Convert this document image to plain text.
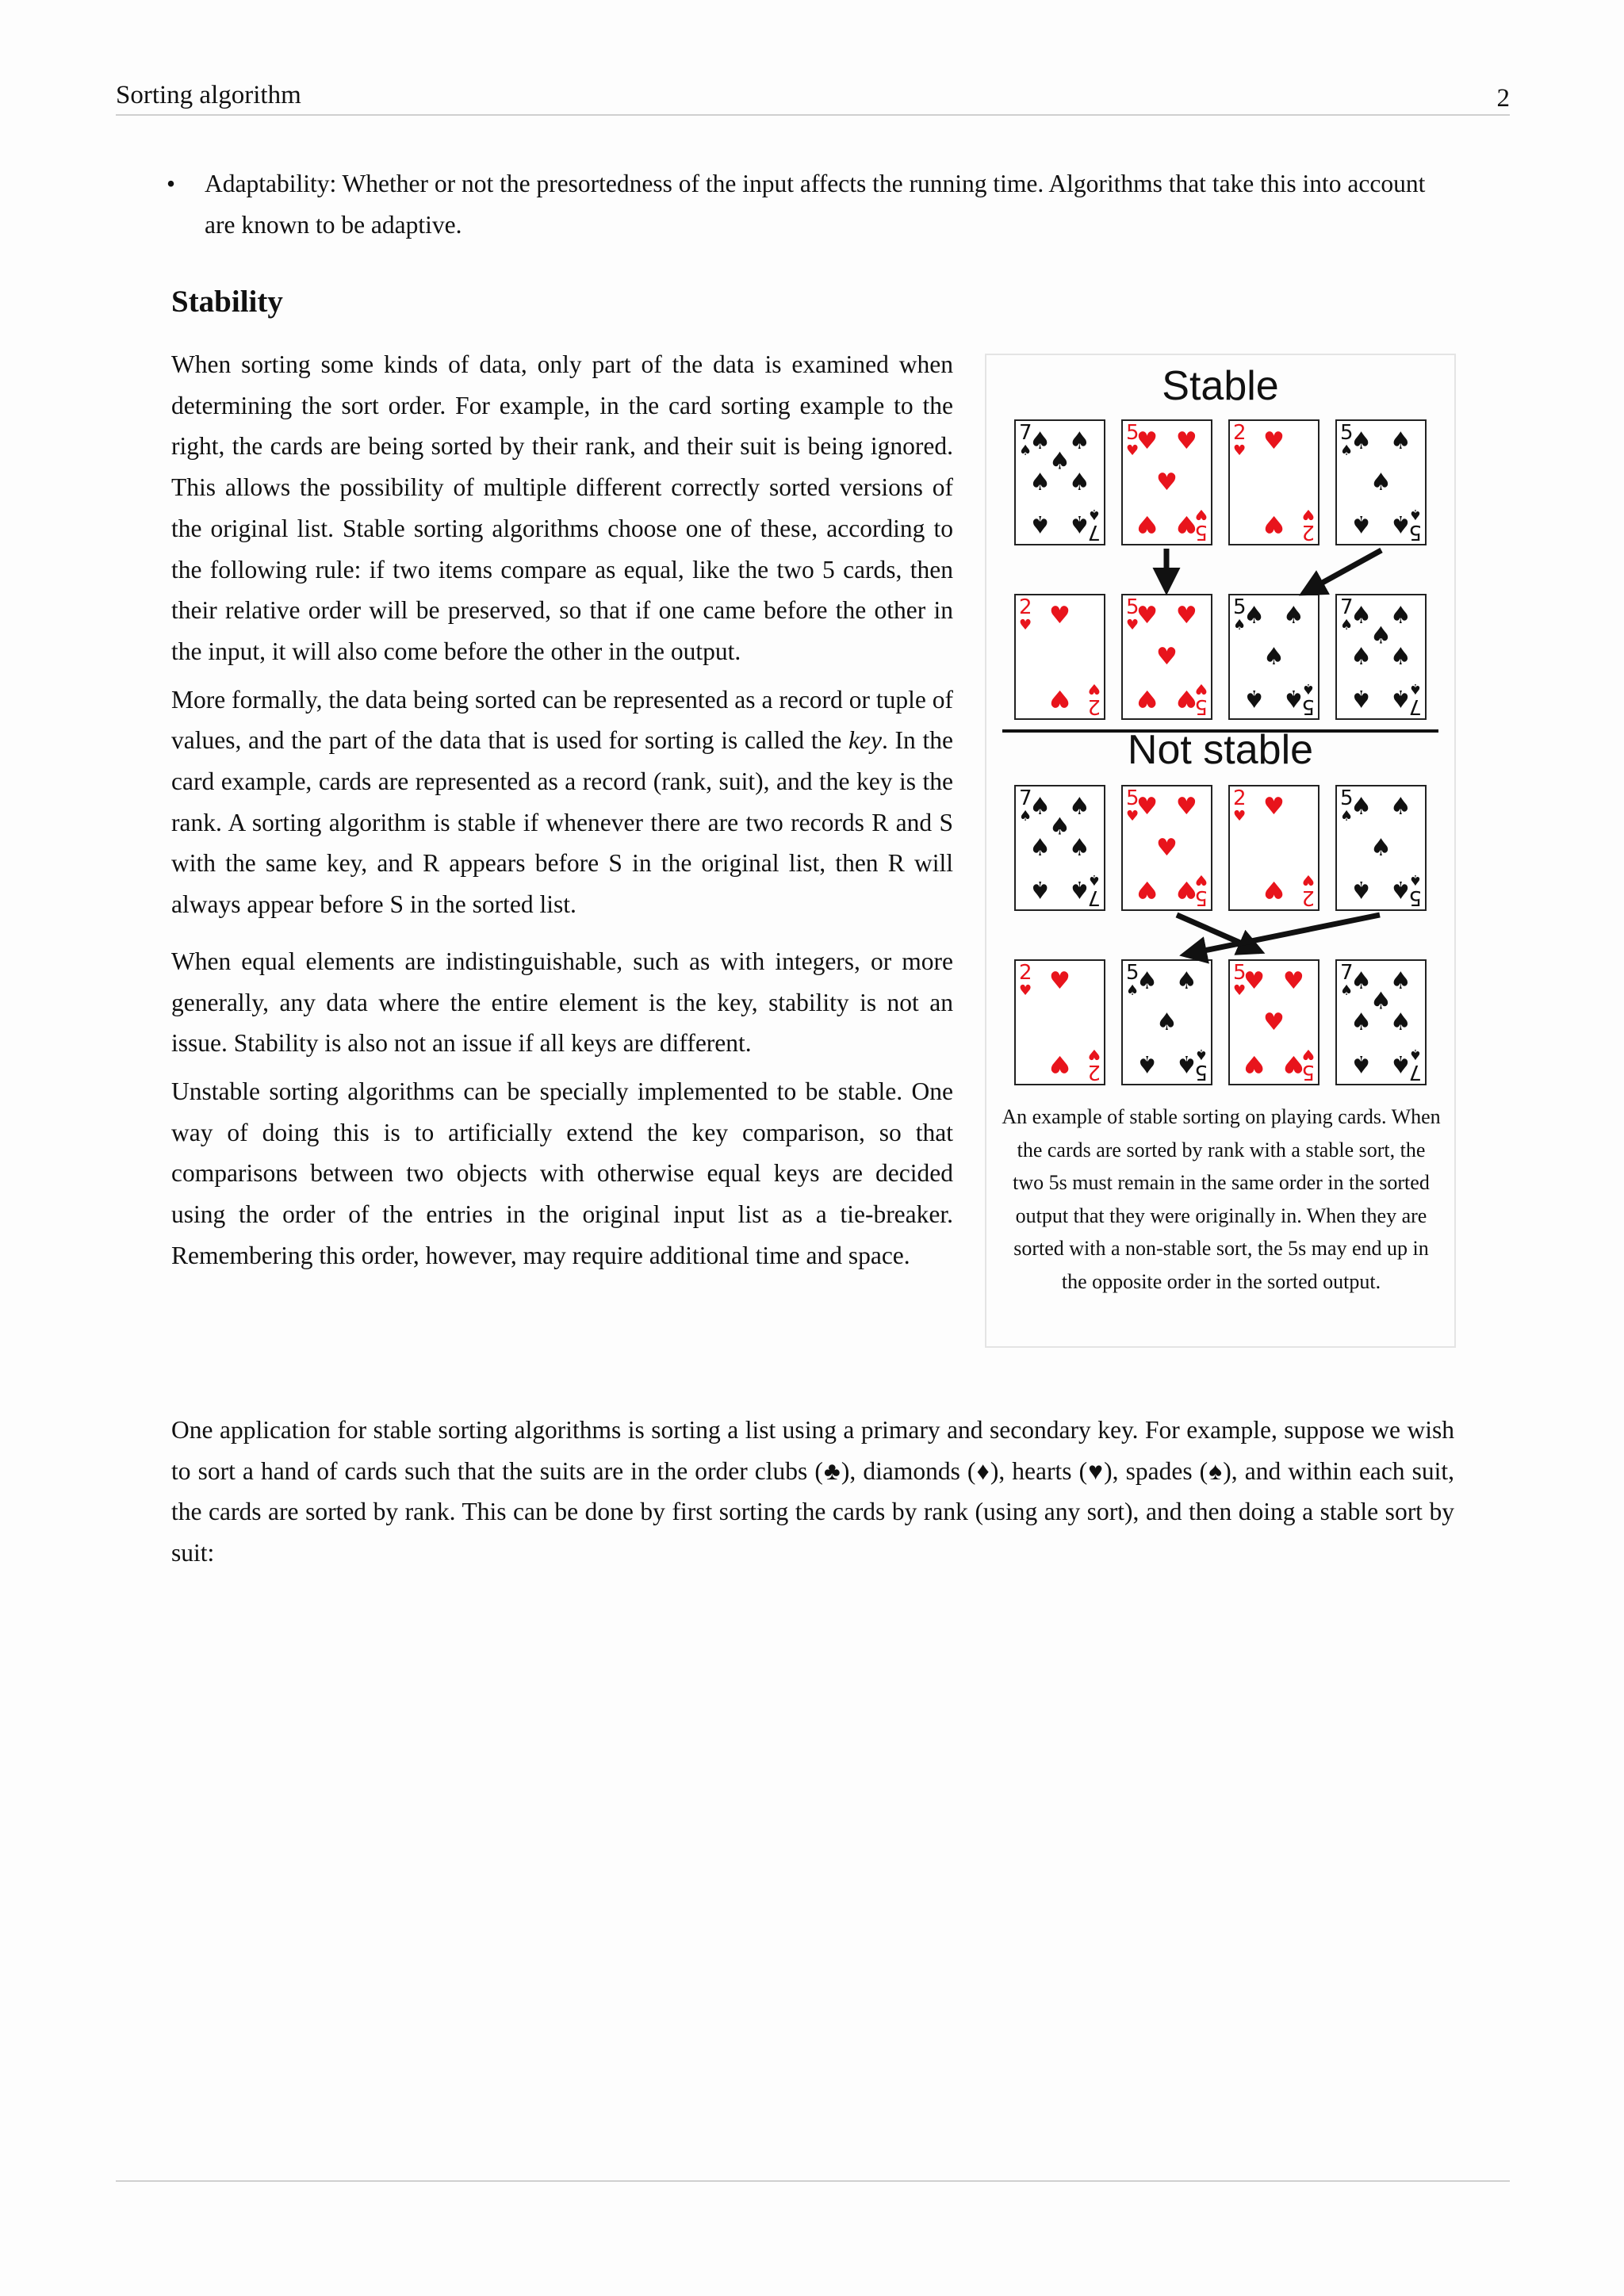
Sorting algorithm	2
• Adaptability: Whether or not the presortedness of the input affects the running time. Algorithms that take this into account are known to be adaptive.
Stability

When sorting some kinds of data, only part of the data is examined when determining the sort order. For example, in the card sorting example to the right, the cards are being sorted by their rank, and their suit is being ignored. This allows the possibility of multiple different correctly sorted versions of the original list. Stable sorting algorithms choose one of these, according to the following rule: if two items compare as equal, like the two 5 cards, then their relative order will be preserved, so that if one came before the other in the input, it will also come before the other in the output.

More formally, the data being sorted can be represented as a record or tuple of values, and the part of the data that is used for sorting is called the key. In the card example, cards are represented as a record (rank, suit), and the key is the rank. A sorting algorithm is stable if whenever there are two records R and S with the same key, and R appears before S in the original list, then R will always appear before S in the sorted list.

When equal elements are indistinguishable, such as with integers, or more generally, any data where the entire element is the key, stability is not an issue. Stability is also not an issue if all keys are different.

Unstable sorting algorithms can be specially implemented to be stable. One way of doing this is to artificially extend the key comparison, so that comparisons between two objects with otherwise equal keys are decided using the order of the entries in the original input list as a tie-breaker. Remembering this order, however, may require additional time and space.

One application for stable sorting algorithms is sorting a list using a primary and secondary key. For example, suppose we wish to sort a hand of cards such that the suits are in the order clubs (♣), diamonds (♦), hearts (♥), spades (♠), and within each suit, the cards are sorted by rank. This can be done by first sorting the cards by rank (using any sort), and then doing a stable sort by suit:

Stable
Not stable
7
♠
7
♠
♠ ♠
♠
♠ ♠
♠ ♠
5
♥
5
♥
♥ ♥
♥
♥ ♥
2
♥
2
♥
♥
♥
5
♠
5
♠
♠ ♠
♠
♠ ♠
2
♥
2
♥
♥
♥
5
♥
5
♥
♥ ♥
♥
♥ ♥
5
♠
5
♠
♠ ♠
♠
♠ ♠
7
♠
7
♠
♠ ♠
♠
♠ ♠
♠ ♠
7
♠
7
♠
♠ ♠
♠
♠ ♠
♠ ♠
5
♥
5
♥
♥ ♥
♥
♥ ♥
2
♥
2
♥
♥
♥
5
♠
5
♠
♠ ♠
♠
♠ ♠
2
♥
2
♥
♥
♥
5
♠
5
♠
♠ ♠
♠
♠ ♠
5
♥
5
♥
♥ ♥
♥
♥ ♥
7
♠
7
♠
♠ ♠
♠
♠ ♠
♠ ♠
An example of stable sorting on playing cards. When the cards are sorted by rank with a stable sort, the two 5s must remain in the same order in the sorted output that they were originally in. When they are sorted with a non-stable sort, the 5s may end up in the opposite order in the sorted output.
